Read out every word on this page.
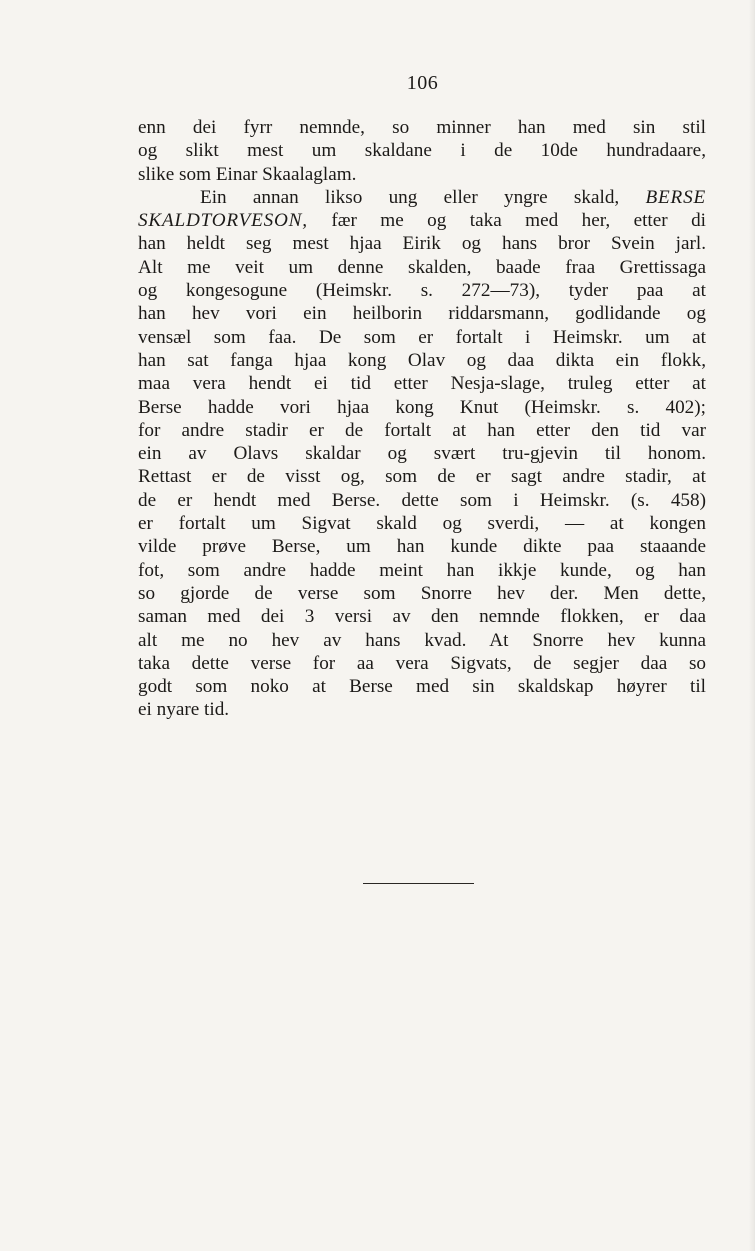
106
enn dei fyrr nemnde, so minner han med sin stil
og slikt mest um skaldane i de 10de hundradaare,
slike som Einar Skaalaglam.
Ein annan likso ung eller yngre skald, BERSE
SKALDTORVESON, fær me og taka med her, etter di
han heldt seg mest hjaa Eirik og hans bror Svein jarl.
Alt me veit um denne skalden, baade fraa Grettissaga
og kongesogune (Heimskr. s. 272—73), tyder paa at
han hev vori ein heilborin riddarsmann, godlidande og
vensæl som faa. De som er fortalt i Heimskr. um at
han sat fanga hjaa kong Olav og daa dikta ein flokk,
maa vera hendt ei tid etter Nesja-slage, truleg etter at
Berse hadde vori hjaa kong Knut (Heimskr. s. 402);
for andre stadir er de fortalt at han etter den tid var
ein av Olavs skaldar og svært tru-gjevin til honom.
Rettast er de visst og, som de er sagt andre stadir, at
de er hendt med Berse. dette som i Heimskr. (s. 458)
er fortalt um Sigvat skald og sverdi, — at kongen
vilde prøve Berse, um han kunde dikte paa staaande
fot, som andre hadde meint han ikkje kunde, og han
so gjorde de verse som Snorre hev der. Men dette,
saman med dei 3 versi av den nemnde flokken, er daa
alt me no hev av hans kvad. At Snorre hev kunna
taka dette verse for aa vera Sigvats, de segjer daa so
godt som noko at Berse med sin skaldskap høyrer til
ei nyare tid.
